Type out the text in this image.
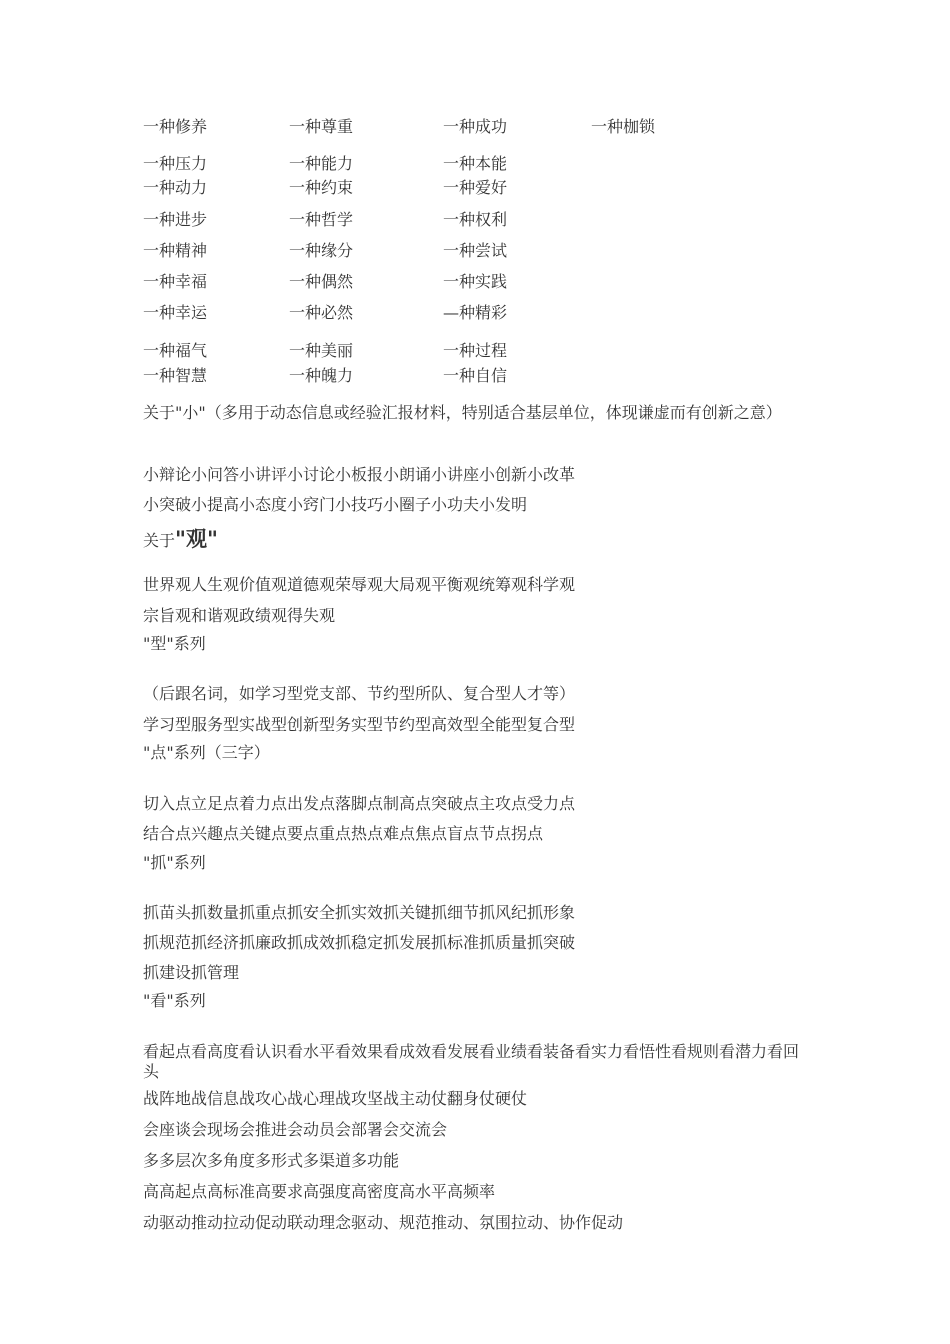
一种修养	一种尊重	一种成功	一种枷锁
一种压力	一种能力	一种本能
一种动力	一种约束	一种爱好
一种进步	一种哲学	一种权利
一种精神	一种缘分	一种尝试
一种幸福	一种偶然	一种实践
一种幸运	一种必然	—种精彩
一种福气	一种美丽	一种过程
一种智慧	一种魄力	一种自信
关于"小"（多用于动态信息或经验汇报材料，特别适合基层单位，体现谦虚而有创新之意）
小辩论小问答小讲评小讨论小板报小朗诵小讲座小创新小改革
小突破小提高小态度小窍门小技巧小圈子小功夫小发明
关于"观"
世界观人生观价值观道德观荣辱观大局观平衡观统筹观科学观
宗旨观和谐观政绩观得失观
"型"系列
（后跟名词，如学习型党支部、节约型所队、复合型人才等）
学习型服务型实战型创新型务实型节约型高效型全能型复合型
"点"系列（三字）
切入点立足点着力点出发点落脚点制高点突破点主攻点受力点
结合点兴趣点关键点要点重点热点难点焦点盲点节点拐点
"抓"系列
抓苗头抓数量抓重点抓安全抓实效抓关键抓细节抓风纪抓形象
抓规范抓经济抓廉政抓成效抓稳定抓发展抓标准抓质量抓突破
抓建设抓管理
"看"系列
看起点看高度看认识看水平看效果看成效看发展看业绩看装备看实力看悟性看规则看潜力看回头
战阵地战信息战攻心战心理战攻坚战主动仗翻身仗硬仗
会座谈会现场会推进会动员会部署会交流会
多多层次多角度多形式多渠道多功能
高高起点高标准高要求高强度高密度高水平高频率
动驱动推动拉动促动联动理念驱动、规范推动、氛围拉动、协作促动
